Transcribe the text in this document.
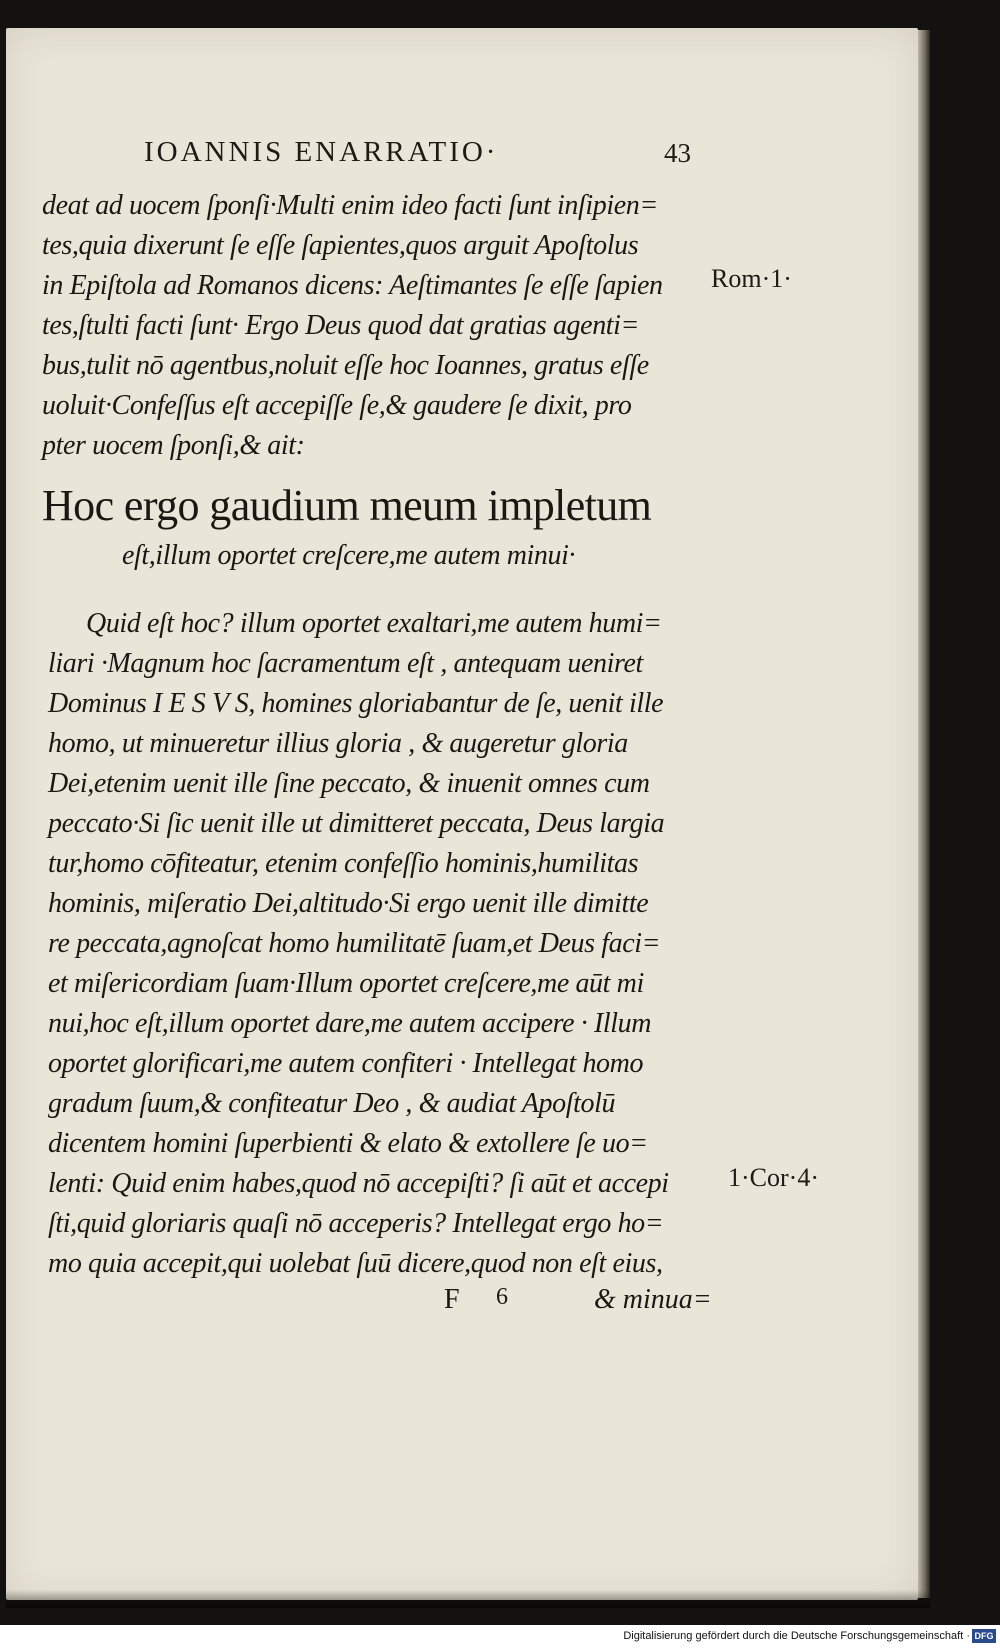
IOANNIS ENARRATIO·	43
deat ad uocem ſponſi·Multi enim ideo facti ſunt inſipien=
tes,quia dixerunt ſe eſſe ſapientes,quos arguit Apoſtolus
in Epiſtola ad Romanos dicens: Aeſtimantes ſe eſſe ſapien
tes,ſtulti facti ſunt· Ergo Deus quod dat gratias agenti=
bus,tulit nō agentbus,noluit eſſe hoc Ioannes, gratus eſſe
uoluit·Confeſſus eſt accepiſſe ſe,& gaudere ſe dixit, pro
pter uocem ſponſi,& ait:
Hoc ergo gaudium meum impletum
eſt,illum oportet creſcere,me autem minui·
Quid eſt hoc? illum oportet exaltari,me autem humi=
liari ·Magnum hoc ſacramentum eſt , antequam ueniret
Dominus I E S V S, homines gloriabantur de ſe, uenit ille
homo, ut minueretur illius gloria , & augeretur gloria
Dei,etenim uenit ille ſine peccato, & inuenit omnes cum
peccato·Si ſic uenit ille ut dimitteret peccata, Deus largia
tur,homo cōfiteatur, etenim confeſſio hominis,humilitas
hominis, miſeratio Dei,altitudo·Si ergo uenit ille dimitte
re peccata,agnoſcat homo humilitatē ſuam,et Deus faci=
et miſericordiam ſuam·Illum oportet creſcere,me aūt mi
nui,hoc eſt,illum oportet dare,me autem accipere · Illum
oportet glorificari,me autem confiteri · Intellegat homo
gradum ſuum,& confiteatur Deo , & audiat Apoſtolū
dicentem homini ſuperbienti & elato & extollere ſe uo=
lenti: Quid enim habes,quod nō accepiſti? ſi aūt et accepi
ſti,quid gloriaris quaſi nō acceperis? Intellegat ergo ho=
mo quia accepit,qui uolebat ſuū dicere,quod non eſt eius,
Rom·1·
1·Cor·4·
F 6	& minua=
Digitalisierung gefördert durch die Deutsche Forschungsgemeinschaft · DFG
